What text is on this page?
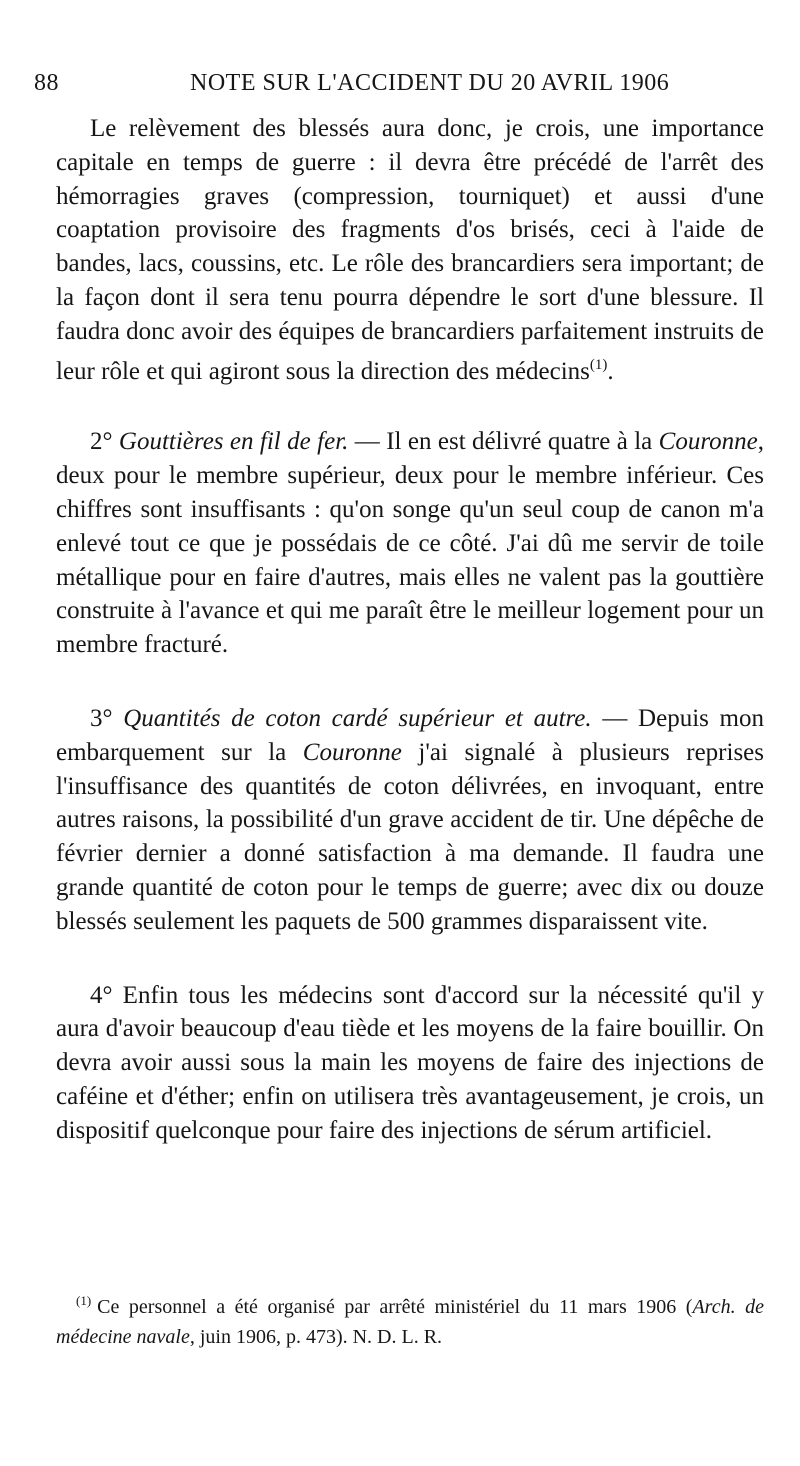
88	NOTE SUR L'ACCIDENT DU 20 AVRIL 1906

Le relèvement des blessés aura donc, je crois, une importance capitale en temps de guerre : il devra être précédé de l'arrêt des hémorragies graves (compression, tourniquet) et aussi d'une coaptation provisoire des fragments d'os brisés, ceci à l'aide de bandes, lacs, coussins, etc. Le rôle des brancardiers sera important; de la façon dont il sera tenu pourra dépendre le sort d'une blessure. Il faudra donc avoir des équipes de brancardiers parfaitement instruits de leur rôle et qui agiront sous la direction des médecins$^{(1)}$.

2° Gouttières en fil de fer. — Il en est délivré quatre à la Couronne, deux pour le membre supérieur, deux pour le membre inférieur. Ces chiffres sont insuffisants : qu'on songe qu'un seul coup de canon m'a enlevé tout ce que je possédais de ce côté. J'ai dû me servir de toile métallique pour en faire d'autres, mais elles ne valent pas la gouttière construite à l'avance et qui me paraît être le meilleur logement pour un membre fracturé.

3° Quantités de coton cardé supérieur et autre. — Depuis mon embarquement sur la Couronne j'ai signalé à plusieurs reprises l'insuffisance des quantités de coton délivrées, en invoquant, entre autres raisons, la possibilité d'un grave accident de tir. Une dépêche de février dernier a donné satisfaction à ma demande. Il faudra une grande quantité de coton pour le temps de guerre; avec dix ou douze blessés seulement les paquets de 500 grammes disparaissent vite.

4° Enfin tous les médecins sont d'accord sur la nécessité qu'il y aura d'avoir beaucoup d'eau tiède et les moyens de la faire bouillir. On devra avoir aussi sous la main les moyens de faire des injections de caféine et d'éther; enfin on utilisera très avantageusement, je crois, un dispositif quelconque pour faire des injections de sérum artificiel.

$^{(1)}$ Ce personnel a été organisé par arrêté ministériel du 11 mars 1906 (Arch. de médecine navale, juin 1906, p. 473). N. D. L. R.
